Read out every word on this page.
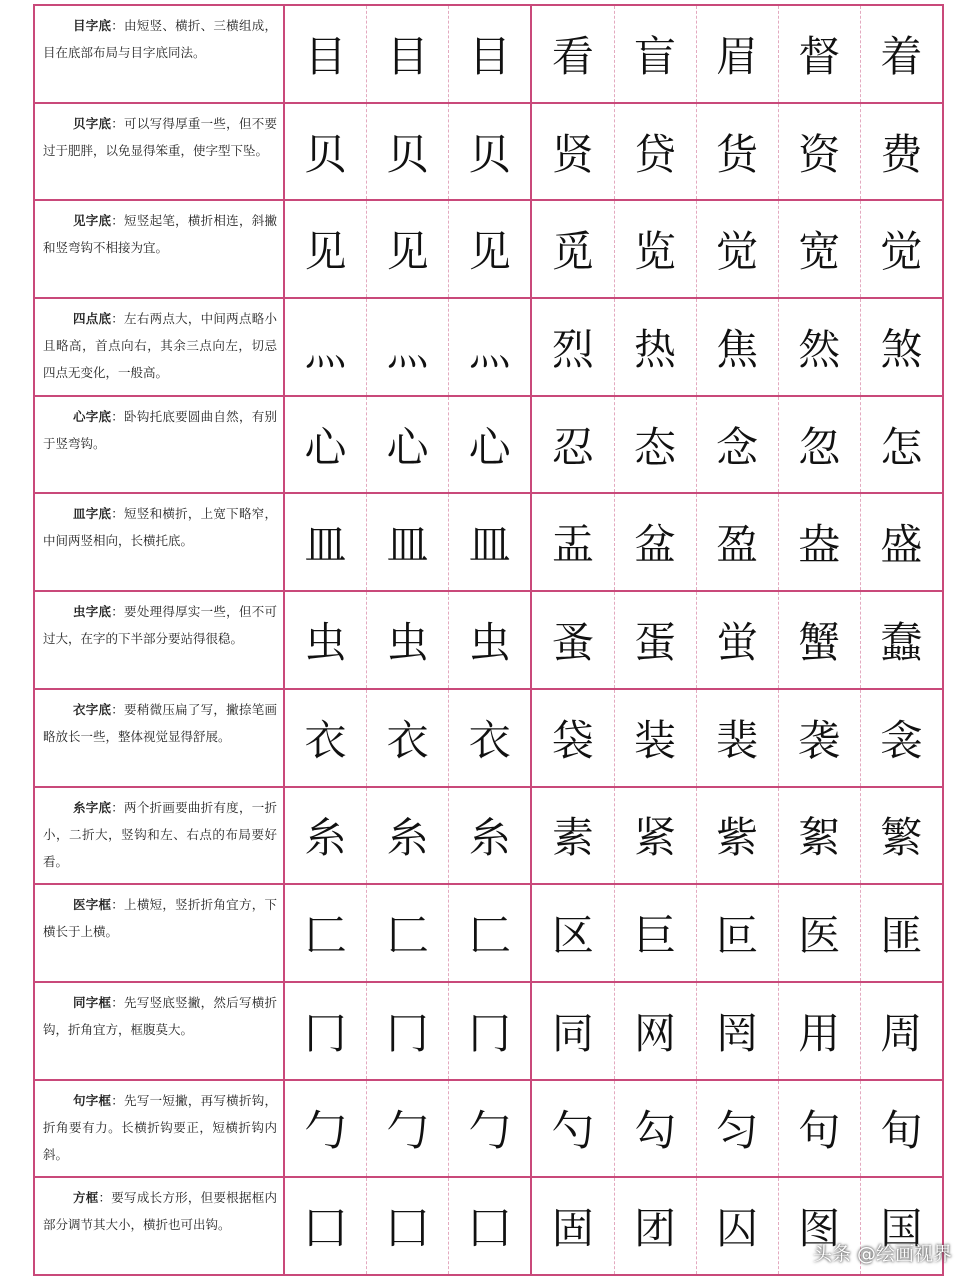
目字底：由短竖、横折、三横组成，目在底部布局与目字底同法。	目 目 目 看 盲 眉 督 着
贝字底：可以写得厚重一些，但不要过于肥胖，以免显得笨重，使字型下坠。 贝 贝 贝 贤 贷 货 资 费
见字底：短竖起笔，横折相连，斜撇和竖弯钩不相接为宜。	见 见 见 觅 览 觉 宽 觉
四点底：左右两点大，中间两点略小且略高，首点向右，其余三点向左，切忌四点无变化，一般高。	灬 灬 灬 烈 热 焦 然 煞
心字底：卧钩托底要圆曲自然，有别于竖弯钩。	心 心 心 忍 态 念 忽 怎
皿字底：短竖和横折，上宽下略窄，中间两竖相向，长横托底。	皿 皿 皿 盂 盆 盈 盎 盛
虫字底：要处理得厚实一些，但不可过大，在字的下半部分要站得很稳。	虫 虫 虫 蚤 蛋 蛍 蟹 蠢
衣字底：要稍微压扁了写，撇捺笔画略放长一些，整体视觉显得舒展。	衣 衣 衣 袋 装 裴 袭 衾
糸字底：两个折画要曲折有度，一折小，二折大，竖钩和左、右点的布局要好看。	糸 糸 糸 素 紧 紫 絮 繁
医字框：上横短，竖折折角宜方，下横长于上横。	匚 匚 匚 区 巨 叵 医 匪
同字框：先写竖底竖撇，然后写横折钩，折角宜方，框腹莫大。	冂 冂 冂 同 网 罔 用 周
句字框：先写一短撇，再写横折钩，折角要有力。长横折钩要正，短横折钩内斜。	勹 勹 勹 勺 勾 匀 句 旬
方框：要写成长方形，但要根据框内部分调节其大小，横折也可出钩。	囗 囗 囗 固 团 囚 图 国
头条 @绘画视界
